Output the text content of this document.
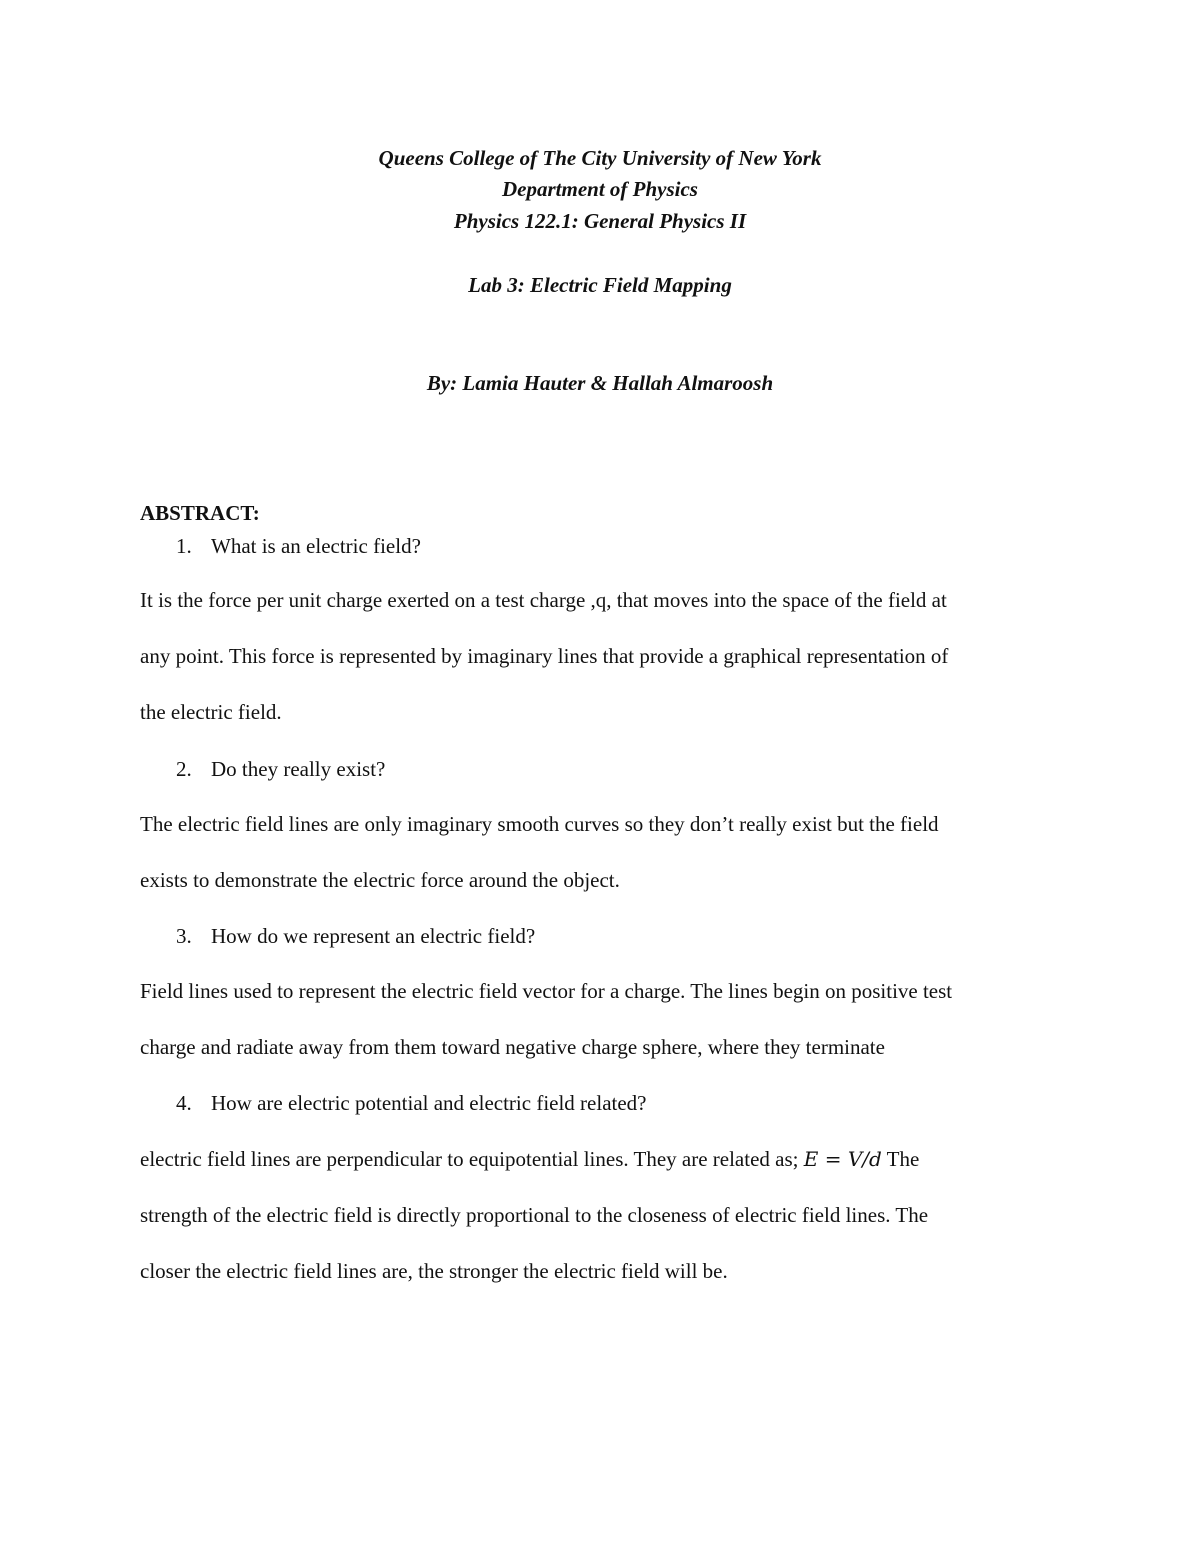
Queens College of The City University of New York
Department of Physics
Physics 122.1: General Physics II
Lab 3: Electric Field Mapping
By: Lamia Hauter & Hallah Almaroosh
ABSTRACT:
1. What is an electric field?
It is the force per unit charge exerted on a test charge ,q, that moves into the space of the field at
any point. This force is represented by imaginary lines that provide a graphical representation of
the electric field.
2. Do they really exist?
The electric field lines are only imaginary smooth curves so they don’t really exist but the field
exists to demonstrate the electric force around the object.
3. How do we represent an electric field?
Field lines used to represent the electric field vector for a charge. The lines begin on positive test
charge and radiate away from them toward negative charge sphere, where they terminate
4. How are electric potential and electric field related?
electric field lines are perpendicular to equipotential lines. They are related as; E = V/d The
strength of the electric field is directly proportional to the closeness of electric field lines. The
closer the electric field lines are, the stronger the electric field will be.
